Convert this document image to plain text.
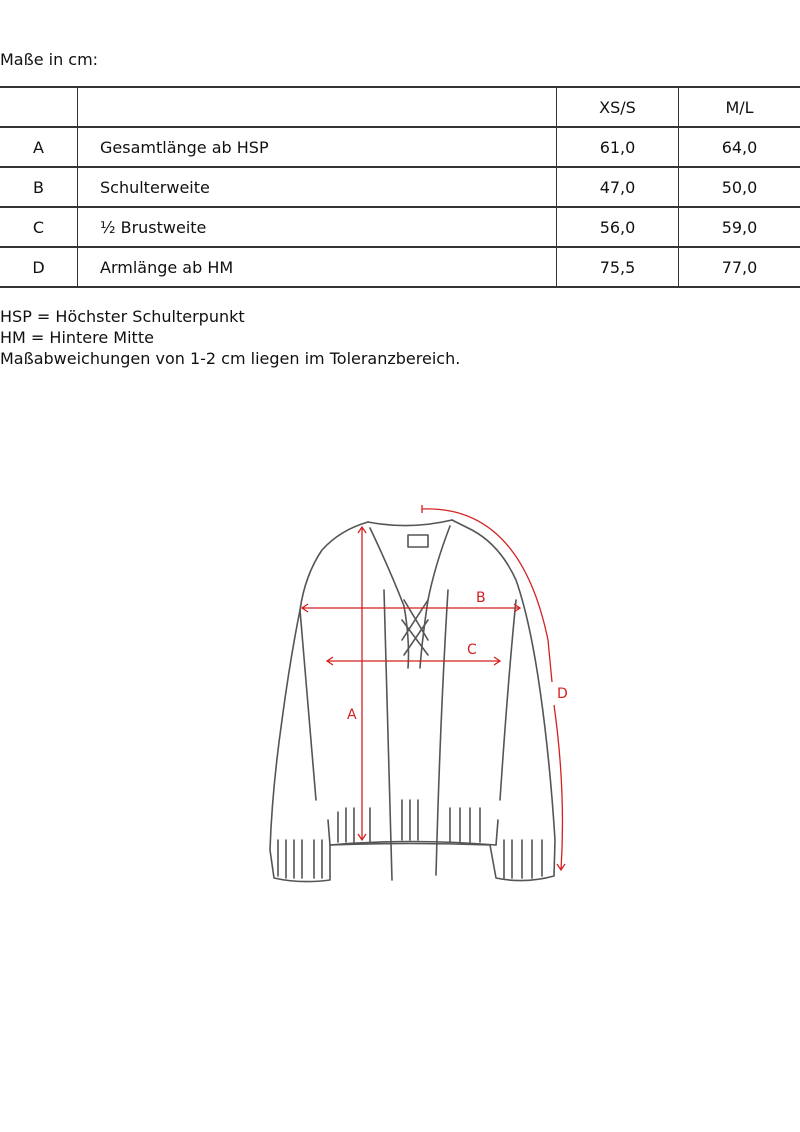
Maße in cm:
		XS/S	M/L
A	Gesamtlänge ab HSP	61,0	64,0
B	Schulterweite	47,0	50,0
C	½ Brustweite	56,0	59,0
D	Armlänge ab HM	75,5	77,0
HSP = Höchster Schulterpunkt
HM = Hintere Mitte
Maßabweichungen von 1-2 cm liegen im Toleranzbereich.
A
B
C
D
